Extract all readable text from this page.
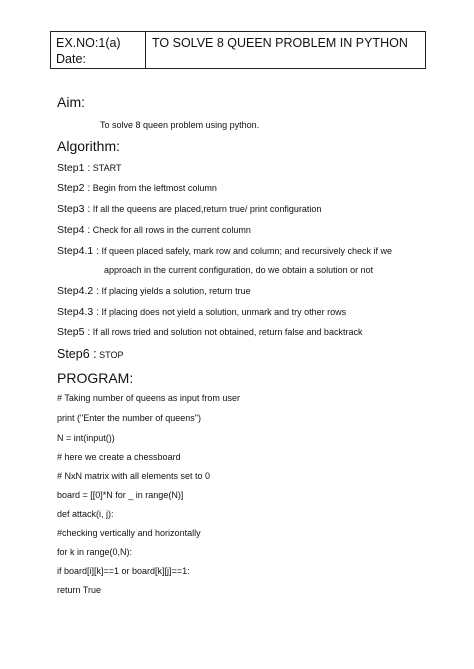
EX.NO:1(a)
Date:
TO SOLVE 8 QUEEN PROBLEM IN PYTHON
Aim:
To solve 8 queen problem using python.
Algorithm:
Step1 : START
Step2 : Begin from the leftmost column
Step3 : If all the queens are placed,return true/ print configuration
Step4 : Check for all rows in the current column
Step4.1 : If queen placed safely, mark row and column; and recursively check if we
approach in the current configuration, do we obtain a solution or not
Step4.2 : If placing yields a solution, return true
Step4.3 : If placing does not yield a solution, unmark and try other rows
Step5 : If all rows tried and solution not obtained, return false and backtrack
Step6 : STOP
PROGRAM:
# Taking number of queens as input from user
print ("Enter the number of queens")
N = int(input())
# here we create a chessboard
# NxN matrix with all elements set to 0
board = [[0]*N for _ in range(N)]
def attack(i, j):
#checking vertically and horizontally
for k in range(0,N):
if board[i][k]==1 or board[k][j]==1:
return True
